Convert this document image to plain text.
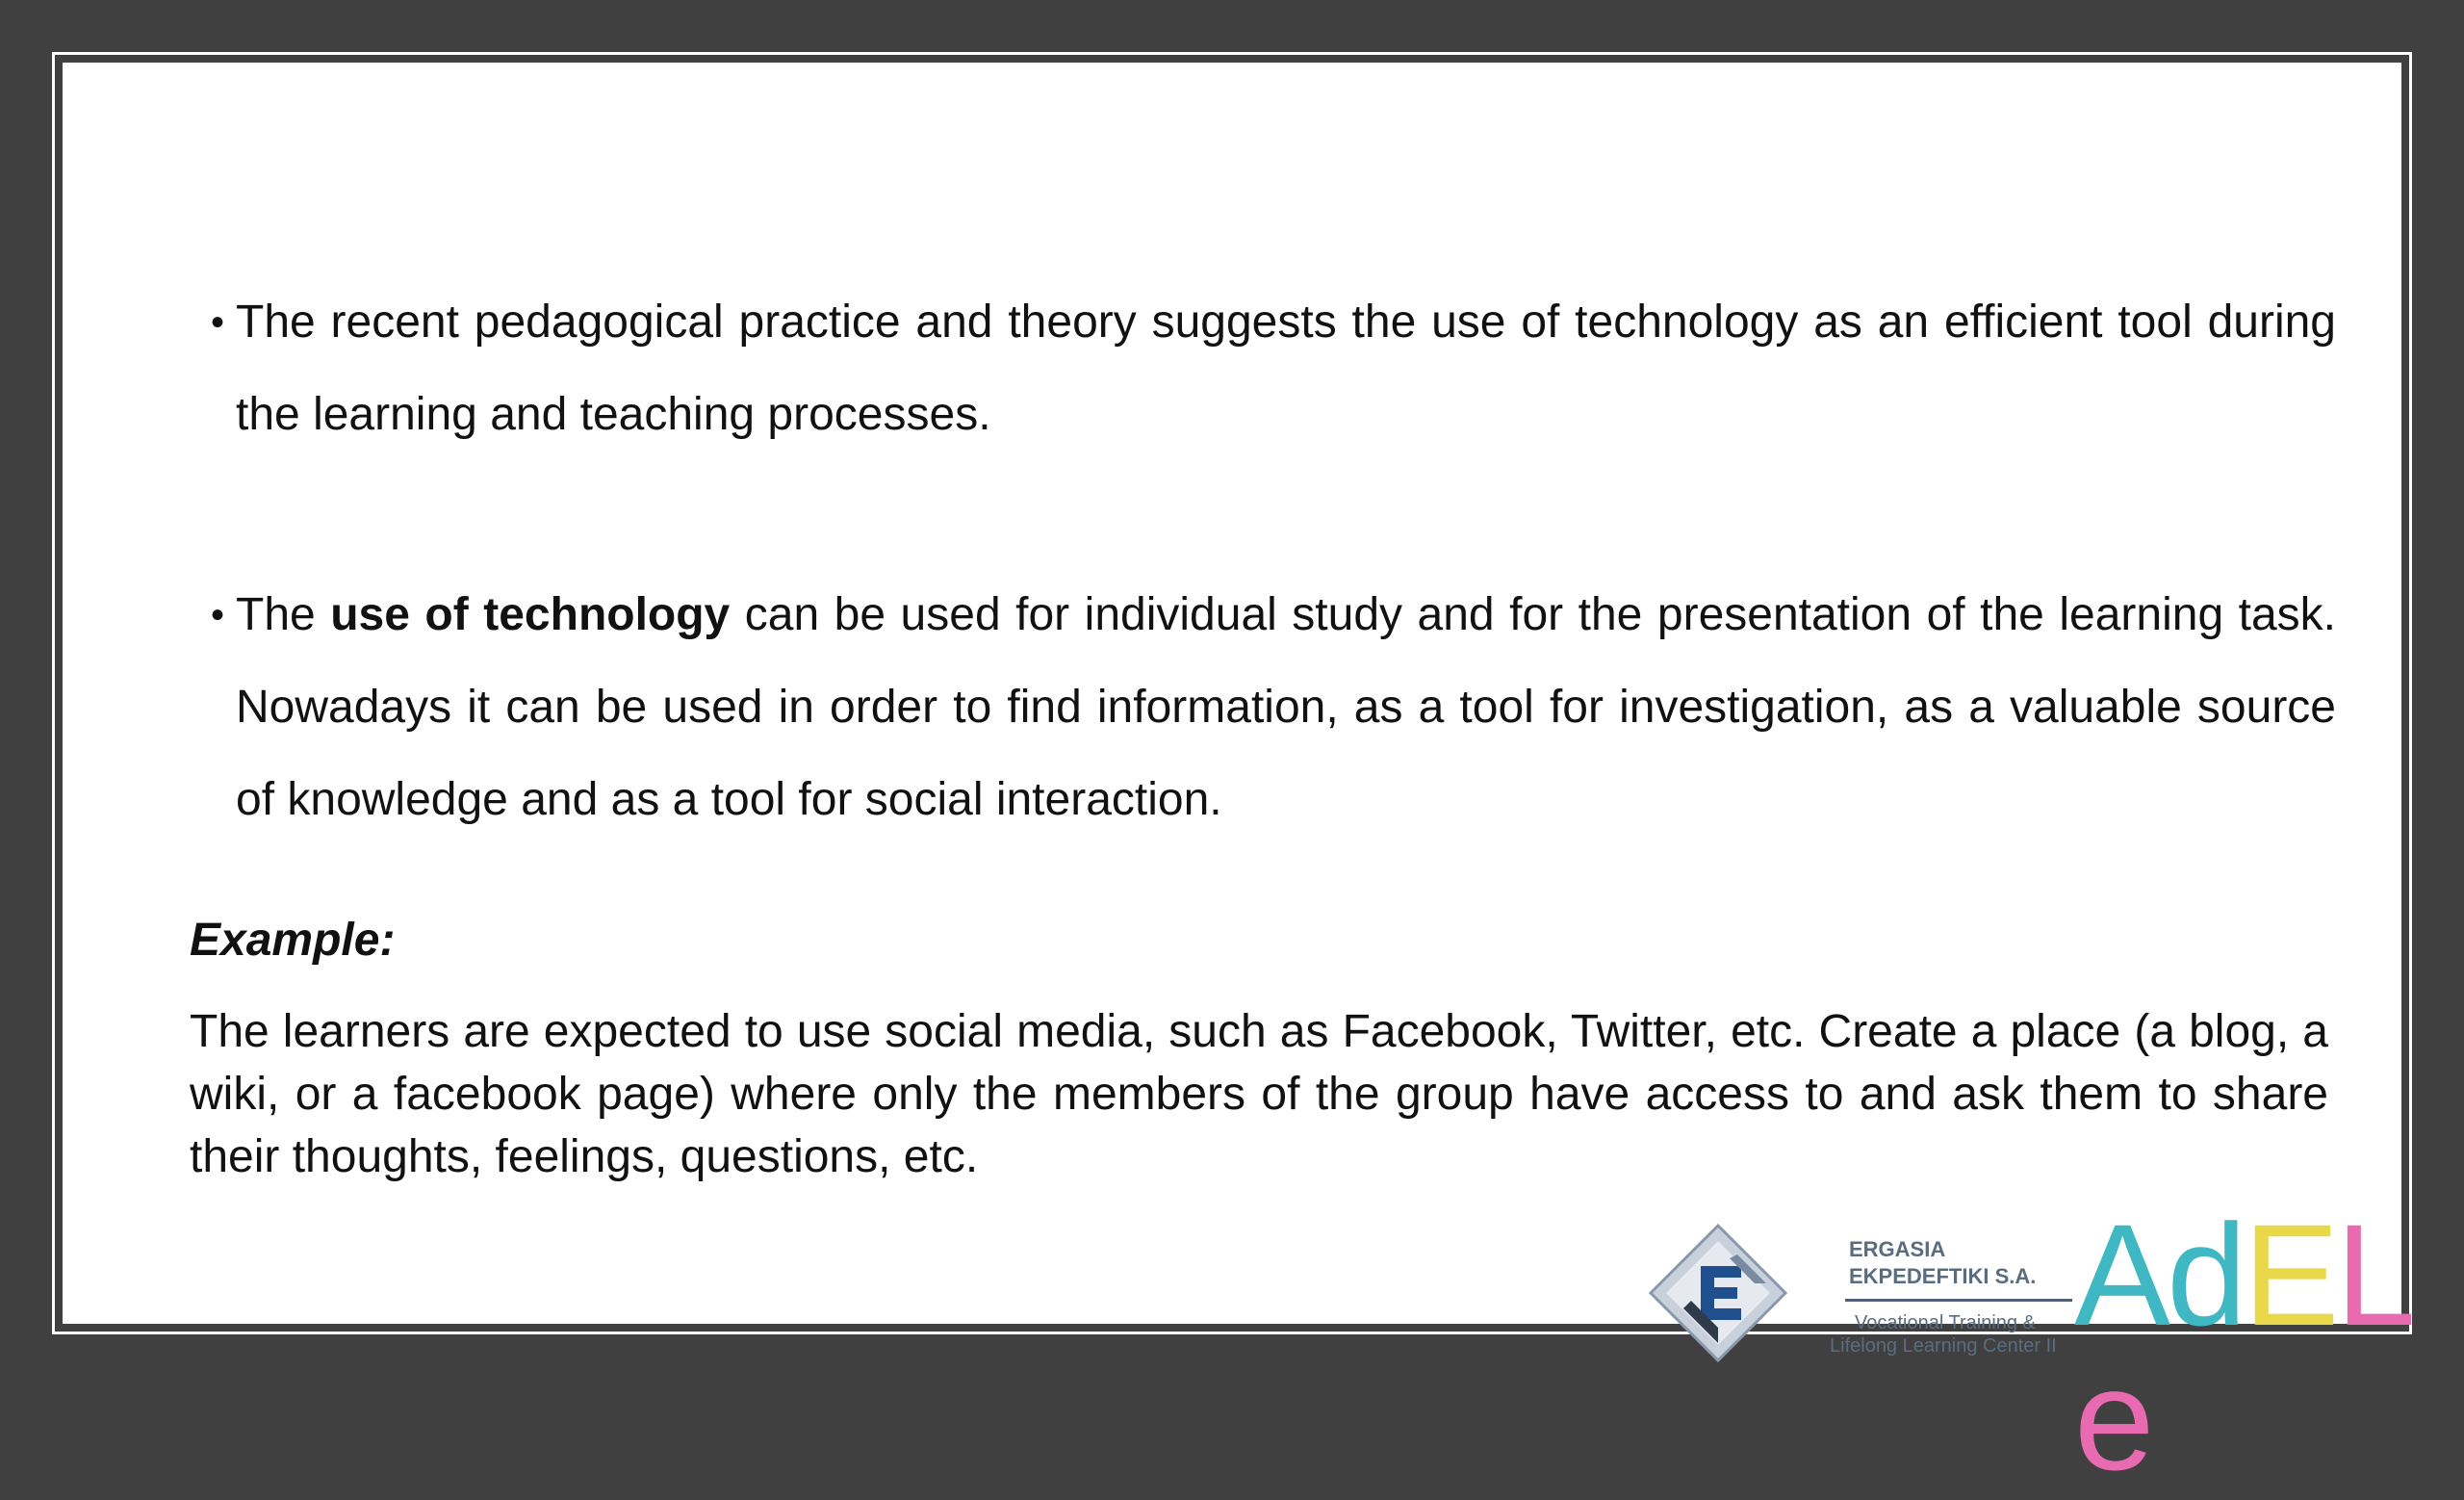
• The recent pedagogical practice and theory suggests the use of technology as an efficient tool during the learning and teaching processes.
• The use of technology can be used for individual study and for the presentation of the learning task. Nowadays it can be used in order to find information, as a tool for investigation, as a valuable source of knowledge and as a tool for social interaction.
Example:
The learners are expected to use social media, such as Facebook, Twitter, etc. Create a place (a blog, a wiki, or a facebook page) where only the members of the group have access to and ask them to share their thoughts, feelings, questions, etc.
ERGASIA
EKPEDEFTIKI S.A.
Vocational Training &
Lifelong Learning Center II AdELe
